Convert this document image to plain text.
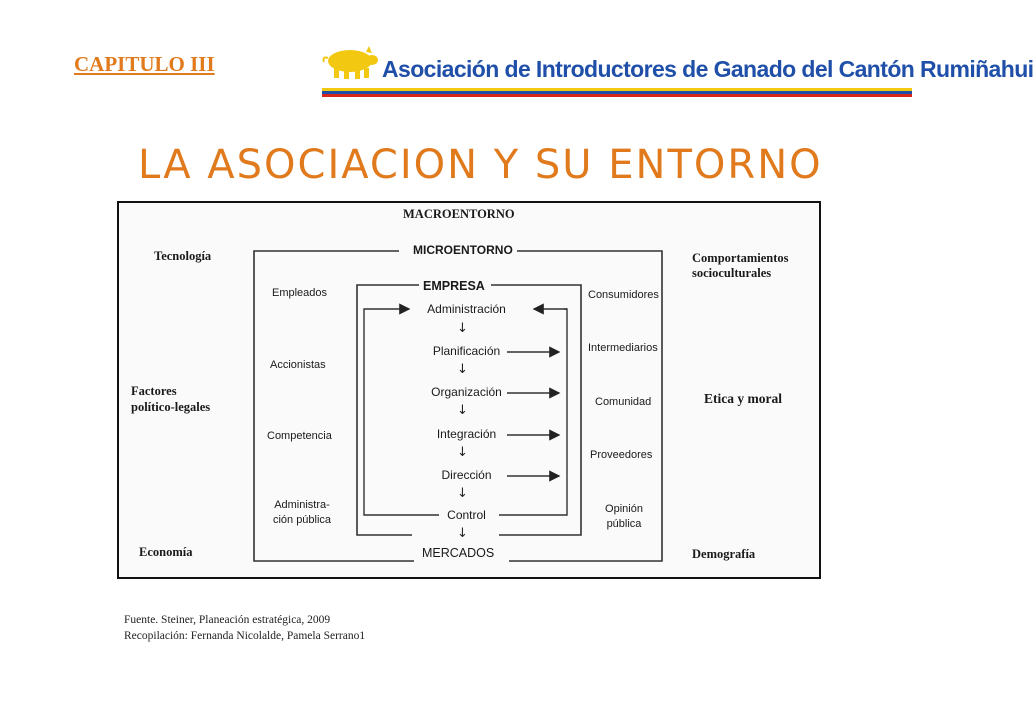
CAPITULO III	Asociación de Introductores de Ganado del Cantón Rumiñahui
LA ASOCIACION Y SU ENTORNO
MACROENTORNO
MICROENTORNO
Tecnología
Factores
político-legales
Economía
Comportamientos
socioculturales
Etica y moral
Demografía
Empleados
Accionistas
Competencia
Administra-
ción pública
Consumidores
Intermediarios
Comunidad
Proveedores
Opinión
pública
EMPRESA
Administración
↓
Planificación
↓
Organización
↓
Integración
↓
Dirección
↓
Control
↓
MERCADOS
Fuente. Steiner, Planeación estratégica, 2009
Recopilación: Fernanda Nicolalde, Pamela Serrano1
